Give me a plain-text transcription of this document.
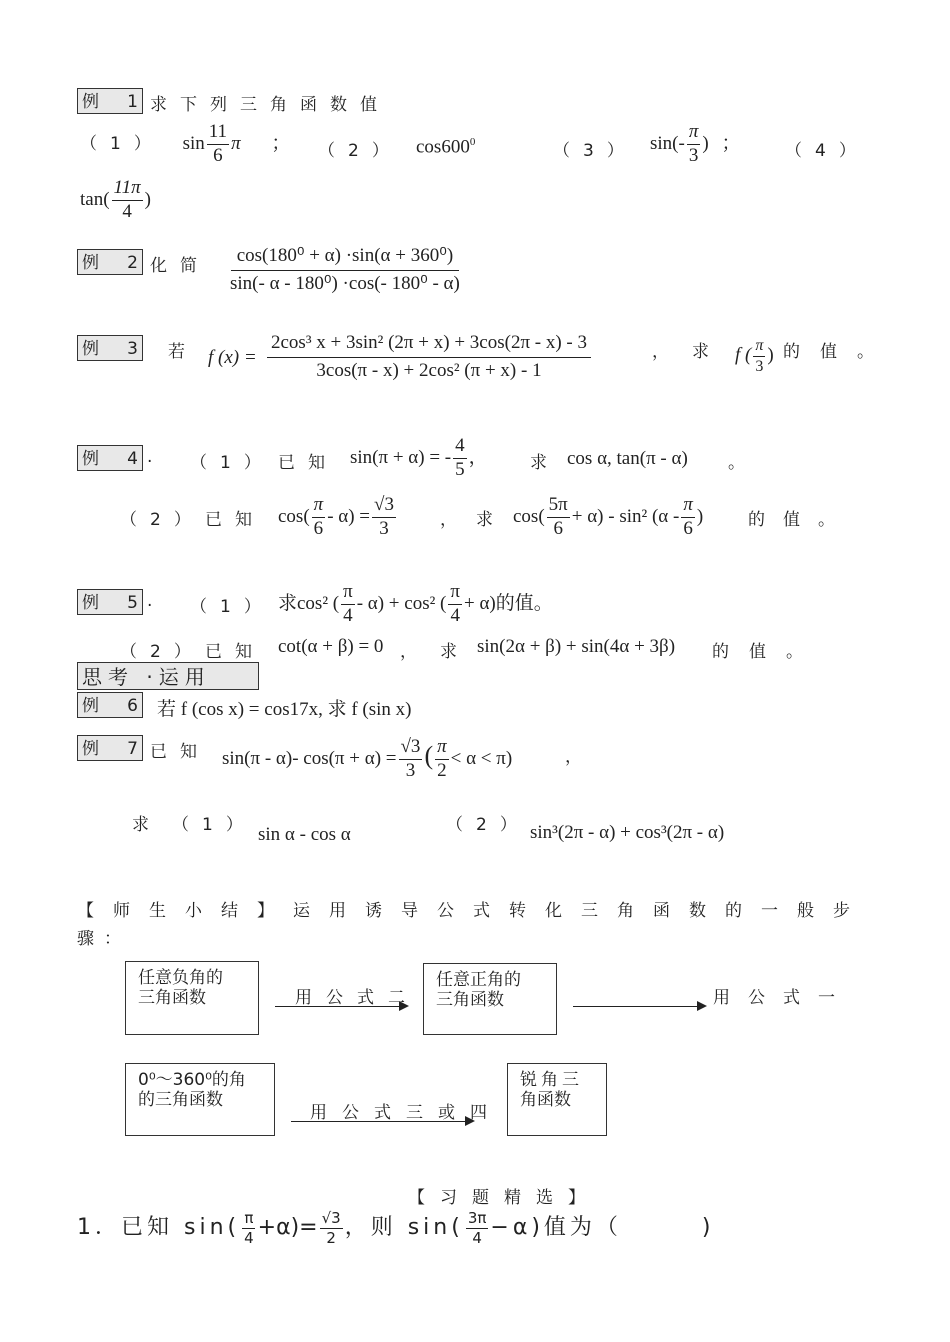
例 1 求下列三角函数值
（1） $\sin \frac{11}{6}$ π ； （2） $\cos 600^0$	（3） $\sin(- \frac{\pi}{3}$ ) ；	（4）
$\tan( \frac{11\pi}{4}$ )
例 2 化简 $\frac{\text{cos(180⁰ + α) ·sin(α + 360⁰)}}{\text{sin(- α - 180⁰) ·cos(- 180⁰ - α)}}$
例 3 若 f $(x) = \frac{\text{2cos³ x + 3sin² (2π + x) + 3cos(2π - x) - 3}}{\text{3cos(π - x) + 2cos² (π + x) - 1}}$	， 求 f ( $\frac{\pi}{3}$ ) 的值。
例 4 . （1） 已知 sin(π + α) = - $\frac{4}{5}$ ， 求 cos α, tan(π - α) 。
（2） 已知 $\cos( \frac{\pi}{6} - \alpha) = \frac{√3}{3}$	， 求 $\cos( \frac{5\pi}{6} + \alpha) - \sin^2$ ($\alpha - \frac{\pi}{6}$ )	的值。
例 5 . （1） 求cos² ( $\frac{\pi}{4} - \alpha) + \cos^2$ ( $\frac{\pi}{4} + \alpha$)的值。
（2） 已知 cot(α + β) = 0 ， 求 sin(2α + β) + sin(4α + 3β) 的值。
思考 ·运用
例 6 若 f (cos x) = cos17x, 求 f (sin x)
例 7 已知 sin(π - α)- $\cos(\pi + \alpha) = \frac{√3}{3}$ ( $\frac{\pi}{2} < \alpha < \pi$)	，
求 （1） sin α - cos α	（2） sin³(2π - α) + cos³(2π - α)
【师生小结】运用诱导公式转化三角函数的一般步
骤：
任意负角的
三角函数	用公式二
任意正角的
三角函数	用公式一
0⁰～360⁰的角
的三角函数
用公式三或四
锐角三
角函数
【习题精选】
1．已知 $\sin( \frac{\pi}{4} +\alpha)= \frac{√3}{2}$ ，则 $\sin( \frac{3\pi}{4} -\alpha)$值为（	)
